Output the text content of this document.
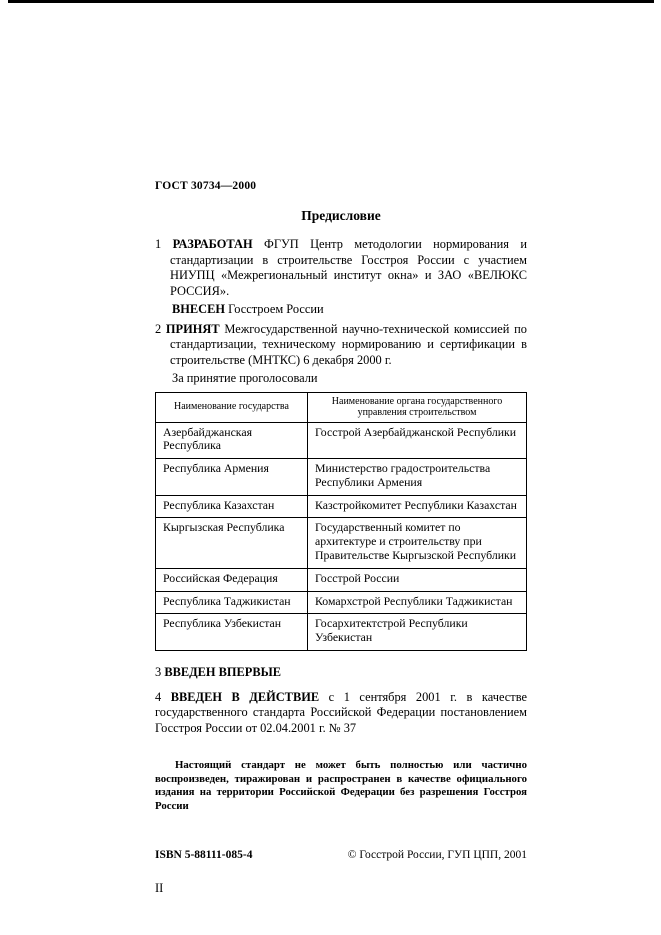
ГОСТ 30734—2000
Предисловие

1 РАЗРАБОТАН ФГУП Центр методологии нормирования и стандартизации в строительстве Госстроя России с участием НИУПЦ «Межрегиональный институт окна» и ЗАО «ВЕЛЮКС РОССИЯ».

ВНЕСЕН Госстроем России

2 ПРИНЯТ Межгосударственной научно-технической комиссией по стандартизации, техническому нормированию и сертификации в строительстве (МНТКС) 6 декабря 2000 г.

За принятие проголосовали

Наименование государства	Наименование органа государственного управления строительством
Азербайджанская Республика	Госстрой Азербайджанской Республики
Республика Армения	Министерство градостроительства Республики Армения
Республика Казахстан	Казстройкомитет Республики Казахстан
Кыргызская Республика	Государственный комитет по архитектуре и строительству при Правительстве Кыргызской Республики
Российская Федерация	Госстрой России
Республика Таджикистан	Комархстрой Республики Таджикистан
Республика Узбекистан	Госархитектстрой Республики Узбекистан

3 ВВЕДЕН ВПЕРВЫЕ

4 ВВЕДЕН В ДЕЙСТВИЕ с 1 сентября 2001 г. в качестве государственного стандарта Российской Федерации постановлением Госстроя России от 02.04.2001 г. № 37

Настоящий стандарт не может быть полностью или частично воспроизведен, тиражирован и распространен в качестве официального издания на территории Российской Федерации без разрешения Госстроя России

ISBN 5-88111-085-4	© Госстрой России, ГУП ЦПП, 2001
II
